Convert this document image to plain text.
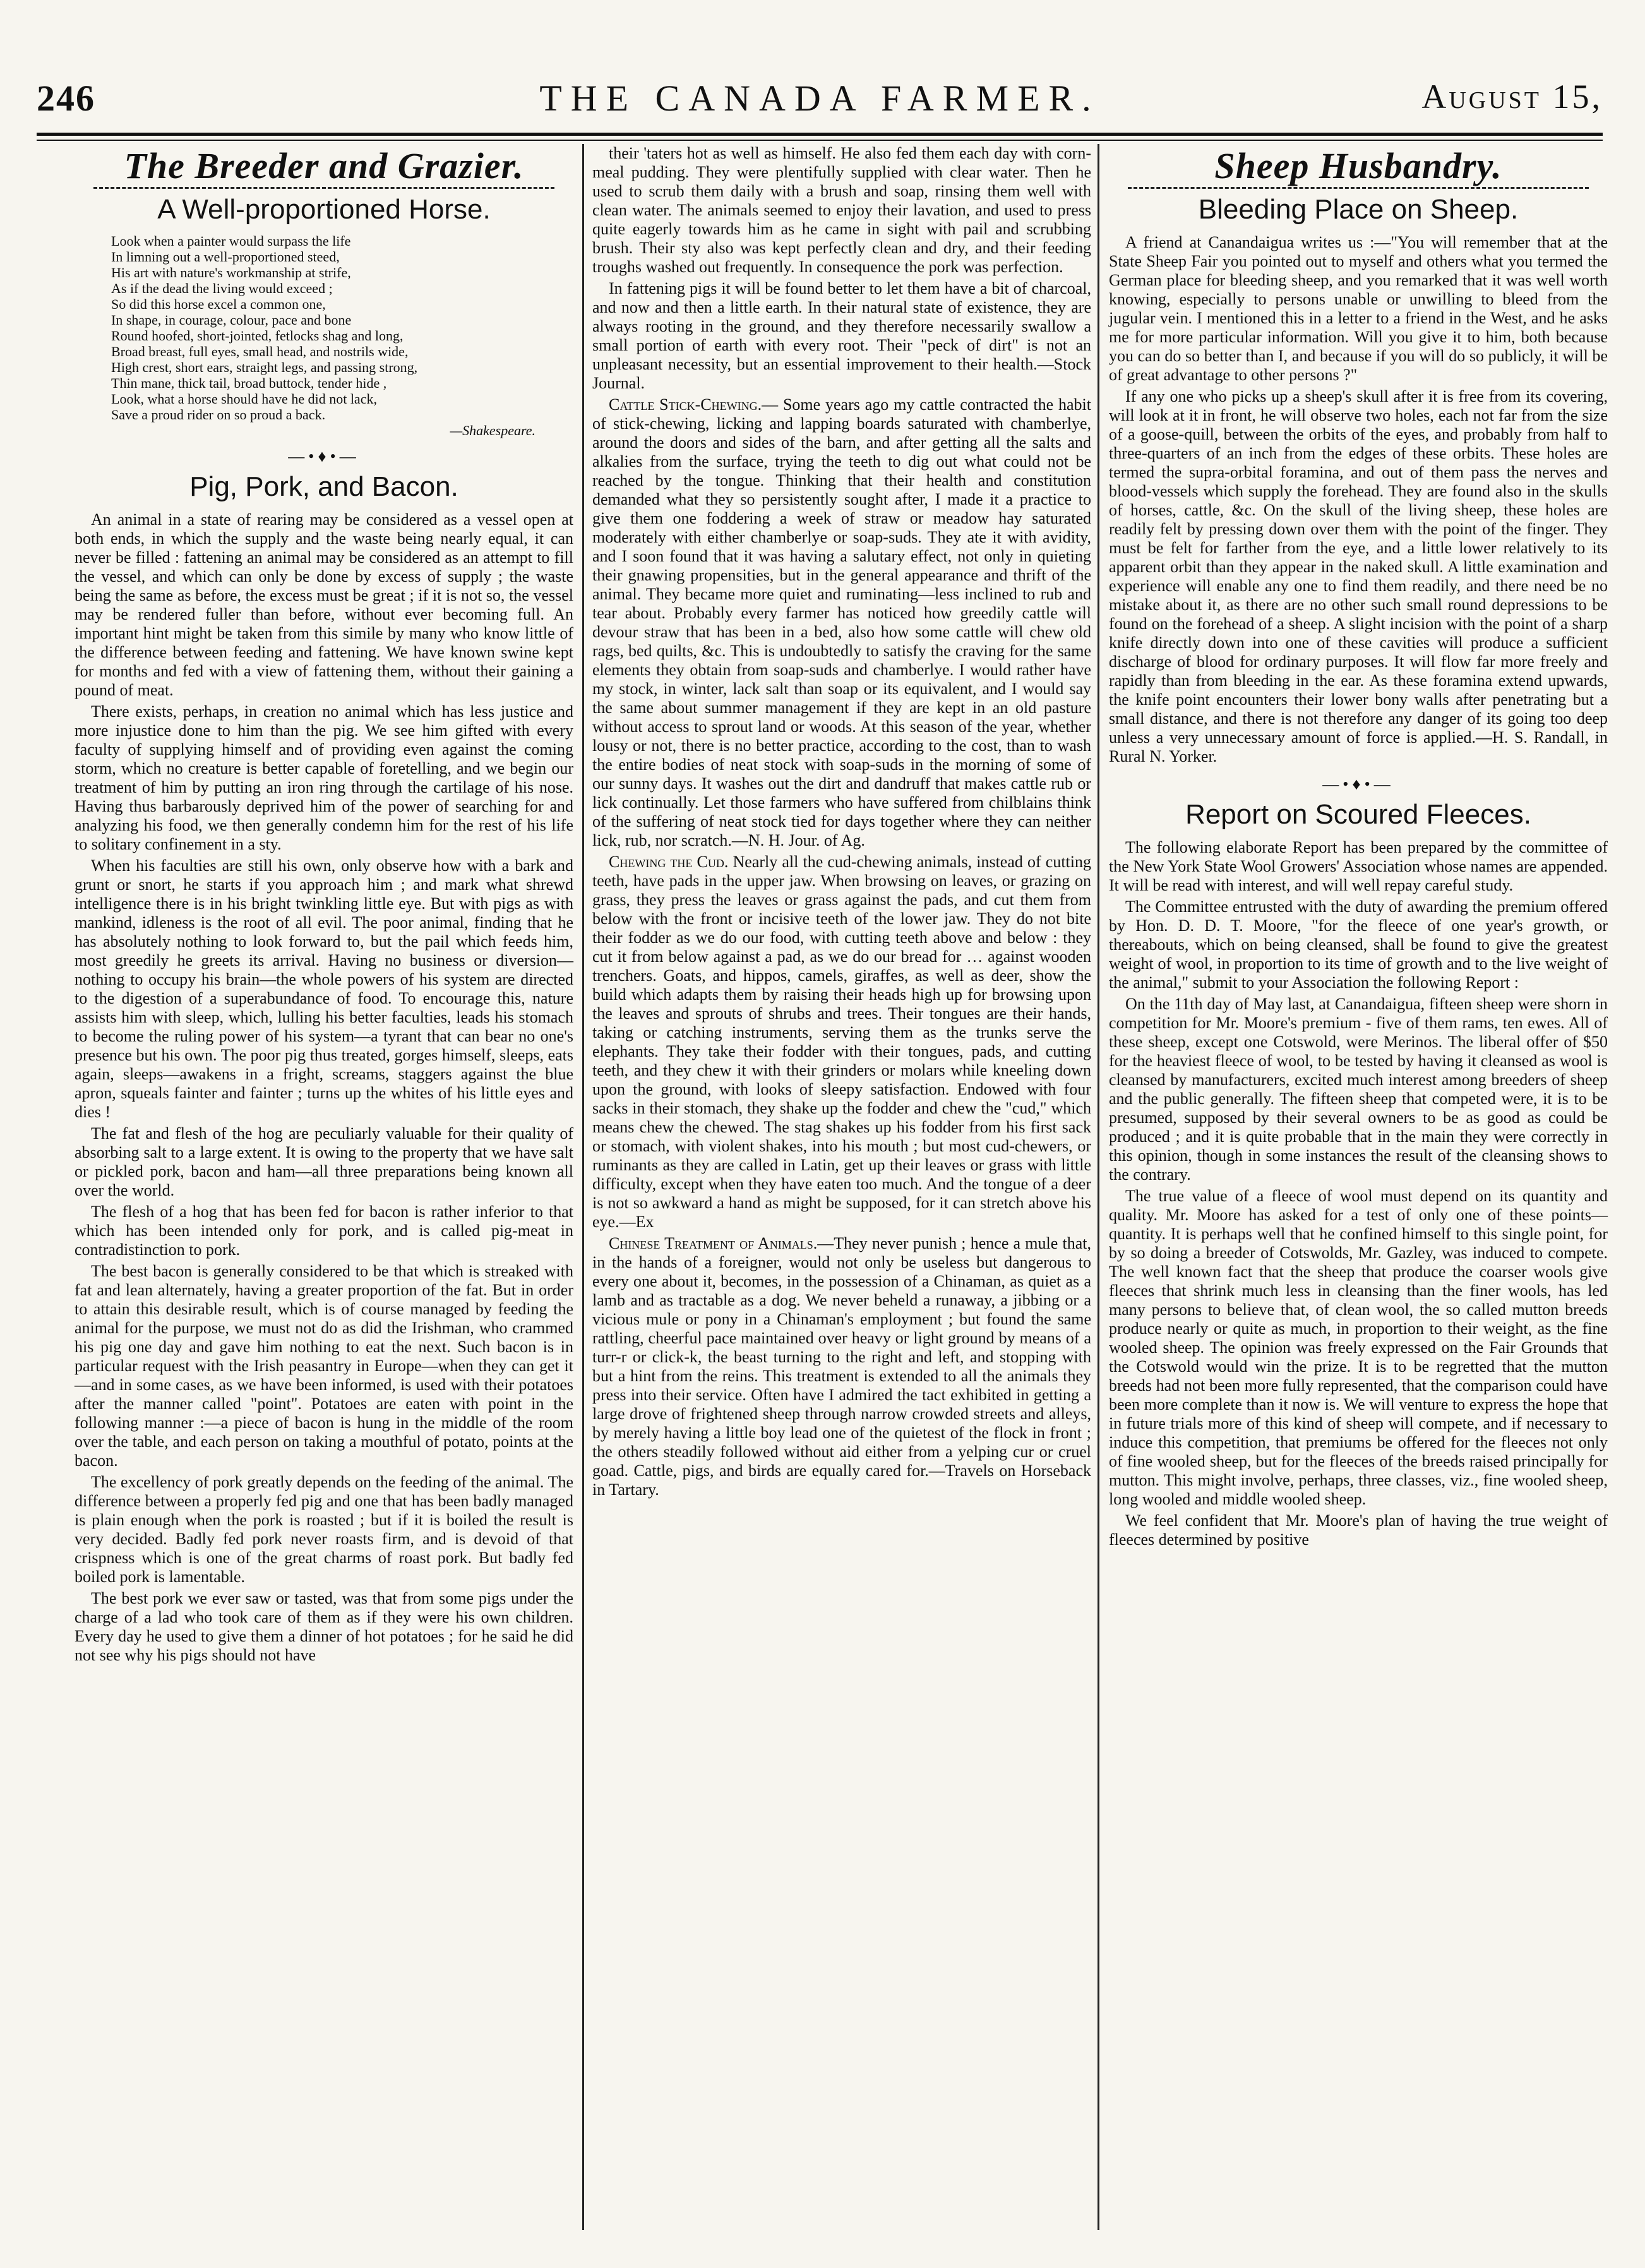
246	THE CANADA FARMER.	August 15,
The Breeder and Grazier.
A Well-proportioned Horse.
Look when a painter would surpass the life
In limning out a well-proportioned steed,
His art with nature's workmanship at strife,
As if the dead the living would exceed ;
So did this horse excel a common one,
In shape, in courage, colour, pace and bone
Round hoofed, short-jointed, fetlocks shag and long,
Broad breast, full eyes, small head, and nostrils wide,
High crest, short ears, straight legs, and passing strong,
Thin mane, thick tail, broad buttock, tender hide ,
Look, what a horse should have he did not lack,
Save a proud rider on so proud a back.
—Shakespeare.
—•♦•—
Pig, Pork, and Bacon.

An animal in a state of rearing may be considered as a vessel open at both ends, in which the supply and the waste being nearly equal, it can never be filled : fattening an animal may be considered as an attempt to fill the vessel, and which can only be done by excess of supply ; the waste being the same as before, the excess must be great ; if it is not so, the vessel may be rendered fuller than before, without ever becoming full. An important hint might be taken from this simile by many who know little of the difference between feeding and fattening. We have known swine kept for months and fed with a view of fattening them, without their gaining a pound of meat.

There exists, perhaps, in creation no animal which has less justice and more injustice done to him than the pig. We see him gifted with every faculty of supplying himself and of providing even against the coming storm, which no creature is better capable of foretelling, and we begin our treatment of him by putting an iron ring through the cartilage of his nose. Having thus barbarously deprived him of the power of searching for and analyzing his food, we then generally condemn him for the rest of his life to solitary confinement in a sty.

When his faculties are still his own, only observe how with a bark and grunt or snort, he starts if you approach him ; and mark what shrewd intelligence there is in his bright twinkling little eye. But with pigs as with mankind, idleness is the root of all evil. The poor animal, finding that he has absolutely nothing to look forward to, but the pail which feeds him, most greedily he greets its arrival. Having no business or diversion—nothing to occupy his brain—the whole powers of his system are directed to the digestion of a superabundance of food. To encourage this, nature assists him with sleep, which, lulling his better faculties, leads his stomach to become the ruling power of his system—a tyrant that can bear no one's presence but his own. The poor pig thus treated, gorges himself, sleeps, eats again, sleeps—awakens in a fright, screams, staggers against the blue apron, squeals fainter and fainter ; turns up the whites of his little eyes and dies !

The fat and flesh of the hog are peculiarly valuable for their quality of absorbing salt to a large extent. It is owing to the property that we have salt or pickled pork, bacon and ham—all three preparations being known all over the world.

The flesh of a hog that has been fed for bacon is rather inferior to that which has been intended only for pork, and is called pig-meat in contradistinction to pork.

The best bacon is generally considered to be that which is streaked with fat and lean alternately, having a greater proportion of the fat. But in order to attain this desirable result, which is of course managed by feeding the animal for the purpose, we must not do as did the Irishman, who crammed his pig one day and gave him nothing to eat the next. Such bacon is in particular request with the Irish peasantry in Europe—when they can get it—and in some cases, as we have been informed, is used with their potatoes after the manner called "point". Potatoes are eaten with point in the following manner :—a piece of bacon is hung in the middle of the room over the table, and each person on taking a mouthful of potato, points at the bacon.

The excellency of pork greatly depends on the feeding of the animal. The difference between a properly fed pig and one that has been badly managed is plain enough when the pork is roasted ; but if it is boiled the result is very decided. Badly fed pork never roasts firm, and is devoid of that crispness which is one of the great charms of roast pork. But badly fed boiled pork is lamentable.

The best pork we ever saw or tasted, was that from some pigs under the charge of a lad who took care of them as if they were his own children. Every day he used to give them a dinner of hot potatoes ; for he said he did not see why his pigs should not have

their 'taters hot as well as himself. He also fed them each day with corn-meal pudding. They were plentifully supplied with clear water. Then he used to scrub them daily with a brush and soap, rinsing them well with clean water. The animals seemed to enjoy their lavation, and used to press quite eagerly towards him as he came in sight with pail and scrubbing brush. Their sty also was kept perfectly clean and dry, and their feeding troughs washed out frequently. In consequence the pork was perfection.

In fattening pigs it will be found better to let them have a bit of charcoal, and now and then a little earth. In their natural state of existence, they are always rooting in the ground, and they therefore necessarily swallow a small portion of earth with every root. Their "peck of dirt" is not an unpleasant necessity, but an essential improvement to their health.—Stock Journal.

Cattle Stick-Chewing.— Some years ago my cattle contracted the habit of stick-chewing, licking and lapping boards saturated with chamberlye, around the doors and sides of the barn, and after getting all the salts and alkalies from the surface, trying the teeth to dig out what could not be reached by the tongue. Thinking that their health and constitution demanded what they so persistently sought after, I made it a practice to give them one foddering a week of straw or meadow hay saturated moderately with either chamberlye or soap-suds. They ate it with avidity, and I soon found that it was having a salutary effect, not only in quieting their gnawing propensities, but in the general appearance and thrift of the animal. They became more quiet and ruminating—less inclined to rub and tear about. Probably every farmer has noticed how greedily cattle will devour straw that has been in a bed, also how some cattle will chew old rags, bed quilts, &c. This is undoubtedly to satisfy the craving for the same elements they obtain from soap-suds and chamberlye. I would rather have my stock, in winter, lack salt than soap or its equivalent, and I would say the same about summer management if they are kept in an old pasture without access to sprout land or woods. At this season of the year, whether lousy or not, there is no better practice, according to the cost, than to wash the entire bodies of neat stock with soap-suds in the morning of some of our sunny days. It washes out the dirt and dandruff that makes cattle rub or lick continually. Let those farmers who have suffered from chilblains think of the suffering of neat stock tied for days together where they can neither lick, rub, nor scratch.—N. H. Jour. of Ag.

Chewing the Cud. Nearly all the cud-chewing animals, instead of cutting teeth, have pads in the upper jaw. When browsing on leaves, or grazing on grass, they press the leaves or grass against the pads, and cut them from below with the front or incisive teeth of the lower jaw. They do not bite their fodder as we do our food, with cutting teeth above and below : they cut it from below against a pad, as we do our bread for … against wooden trenchers. Goats, and hippos, camels, giraffes, as well as deer, show the build which adapts them by raising their heads high up for browsing upon the leaves and sprouts of shrubs and trees. Their tongues are their hands, taking or catching instruments, serving them as the trunks serve the elephants. They take their fodder with their tongues, pads, and cutting teeth, and they chew it with their grinders or molars while kneeling down upon the ground, with looks of sleepy satisfaction. Endowed with four sacks in their stomach, they shake up the fodder and chew the "cud," which means chew the chewed. The stag shakes up his fodder from his first sack or stomach, with violent shakes, into his mouth ; but most cud-chewers, or ruminants as they are called in Latin, get up their leaves or grass with little difficulty, except when they have eaten too much. And the tongue of a deer is not so awkward a hand as might be supposed, for it can stretch above his eye.—Ex

Chinese Treatment of Animals.—They never punish ; hence a mule that, in the hands of a foreigner, would not only be useless but dangerous to every one about it, becomes, in the possession of a Chinaman, as quiet as a lamb and as tractable as a dog. We never beheld a runaway, a jibbing or a vicious mule or pony in a Chinaman's employment ; but found the same rattling, cheerful pace maintained over heavy or light ground by means of a turr-r or click-k, the beast turning to the right and left, and stopping with but a hint from the reins. This treatment is extended to all the animals they press into their service. Often have I admired the tact exhibited in getting a large drove of frightened sheep through narrow crowded streets and alleys, by merely having a little boy lead one of the quietest of the flock in front ; the others steadily followed without aid either from a yelping cur or cruel goad. Cattle, pigs, and birds are equally cared for.—Travels on Horseback in Tartary.

Sheep Husbandry.
Bleeding Place on Sheep.

A friend at Canandaigua writes us :—"You will remember that at the State Sheep Fair you pointed out to myself and others what you termed the German place for bleeding sheep, and you remarked that it was well worth knowing, especially to persons unable or unwilling to bleed from the jugular vein. I mentioned this in a letter to a friend in the West, and he asks me for more particular information. Will you give it to him, both because you can do so better than I, and because if you will do so publicly, it will be of great advantage to other persons ?"

If any one who picks up a sheep's skull after it is free from its covering, will look at it in front, he will observe two holes, each not far from the size of a goose-quill, between the orbits of the eyes, and probably from half to three-quarters of an inch from the edges of these orbits. These holes are termed the supra-orbital foramina, and out of them pass the nerves and blood-vessels which supply the forehead. They are found also in the skulls of horses, cattle, &c. On the skull of the living sheep, these holes are readily felt by pressing down over them with the point of the finger. They must be felt for farther from the eye, and a little lower relatively to its apparent orbit than they appear in the naked skull. A little examination and experience will enable any one to find them readily, and there need be no mistake about it, as there are no other such small round depressions to be found on the forehead of a sheep. A slight incision with the point of a sharp knife directly down into one of these cavities will produce a sufficient discharge of blood for ordinary purposes. It will flow far more freely and rapidly than from bleeding in the ear. As these foramina extend upwards, the knife point encounters their lower bony walls after penetrating but a small distance, and there is not therefore any danger of its going too deep unless a very unnecessary amount of force is applied.—H. S. Randall, in Rural N. Yorker.

—•♦•—
Report on Scoured Fleeces.

The following elaborate Report has been prepared by the committee of the New York State Wool Growers' Association whose names are appended. It will be read with interest, and will well repay careful study.

The Committee entrusted with the duty of awarding the premium offered by Hon. D. D. T. Moore, "for the fleece of one year's growth, or thereabouts, which on being cleansed, shall be found to give the greatest weight of wool, in proportion to its time of growth and to the live weight of the animal," submit to your Association the following Report :

On the 11th day of May last, at Canandaigua, fifteen sheep were shorn in competition for Mr. Moore's premium - five of them rams, ten ewes. All of these sheep, except one Cotswold, were Merinos. The liberal offer of $50 for the heaviest fleece of wool, to be tested by having it cleansed as wool is cleansed by manufacturers, excited much interest among breeders of sheep and the public generally. The fifteen sheep that competed were, it is to be presumed, supposed by their several owners to be as good as could be produced ; and it is quite probable that in the main they were correctly in this opinion, though in some instances the result of the cleansing shows to the contrary.

The true value of a fleece of wool must depend on its quantity and quality. Mr. Moore has asked for a test of only one of these points—quantity. It is perhaps well that he confined himself to this single point, for by so doing a breeder of Cotswolds, Mr. Gazley, was induced to compete. The well known fact that the sheep that produce the coarser wools give fleeces that shrink much less in cleansing than the finer wools, has led many persons to believe that, of clean wool, the so called mutton breeds produce nearly or quite as much, in proportion to their weight, as the fine wooled sheep. The opinion was freely expressed on the Fair Grounds that the Cotswold would win the prize. It is to be regretted that the mutton breeds had not been more fully represented, that the comparison could have been more complete than it now is. We will venture to express the hope that in future trials more of this kind of sheep will compete, and if necessary to induce this competition, that premiums be offered for the fleeces not only of fine wooled sheep, but for the fleeces of the breeds raised principally for mutton. This might involve, perhaps, three classes, viz., fine wooled sheep, long wooled and middle wooled sheep.

We feel confident that Mr. Moore's plan of having the true weight of fleeces determined by positive
